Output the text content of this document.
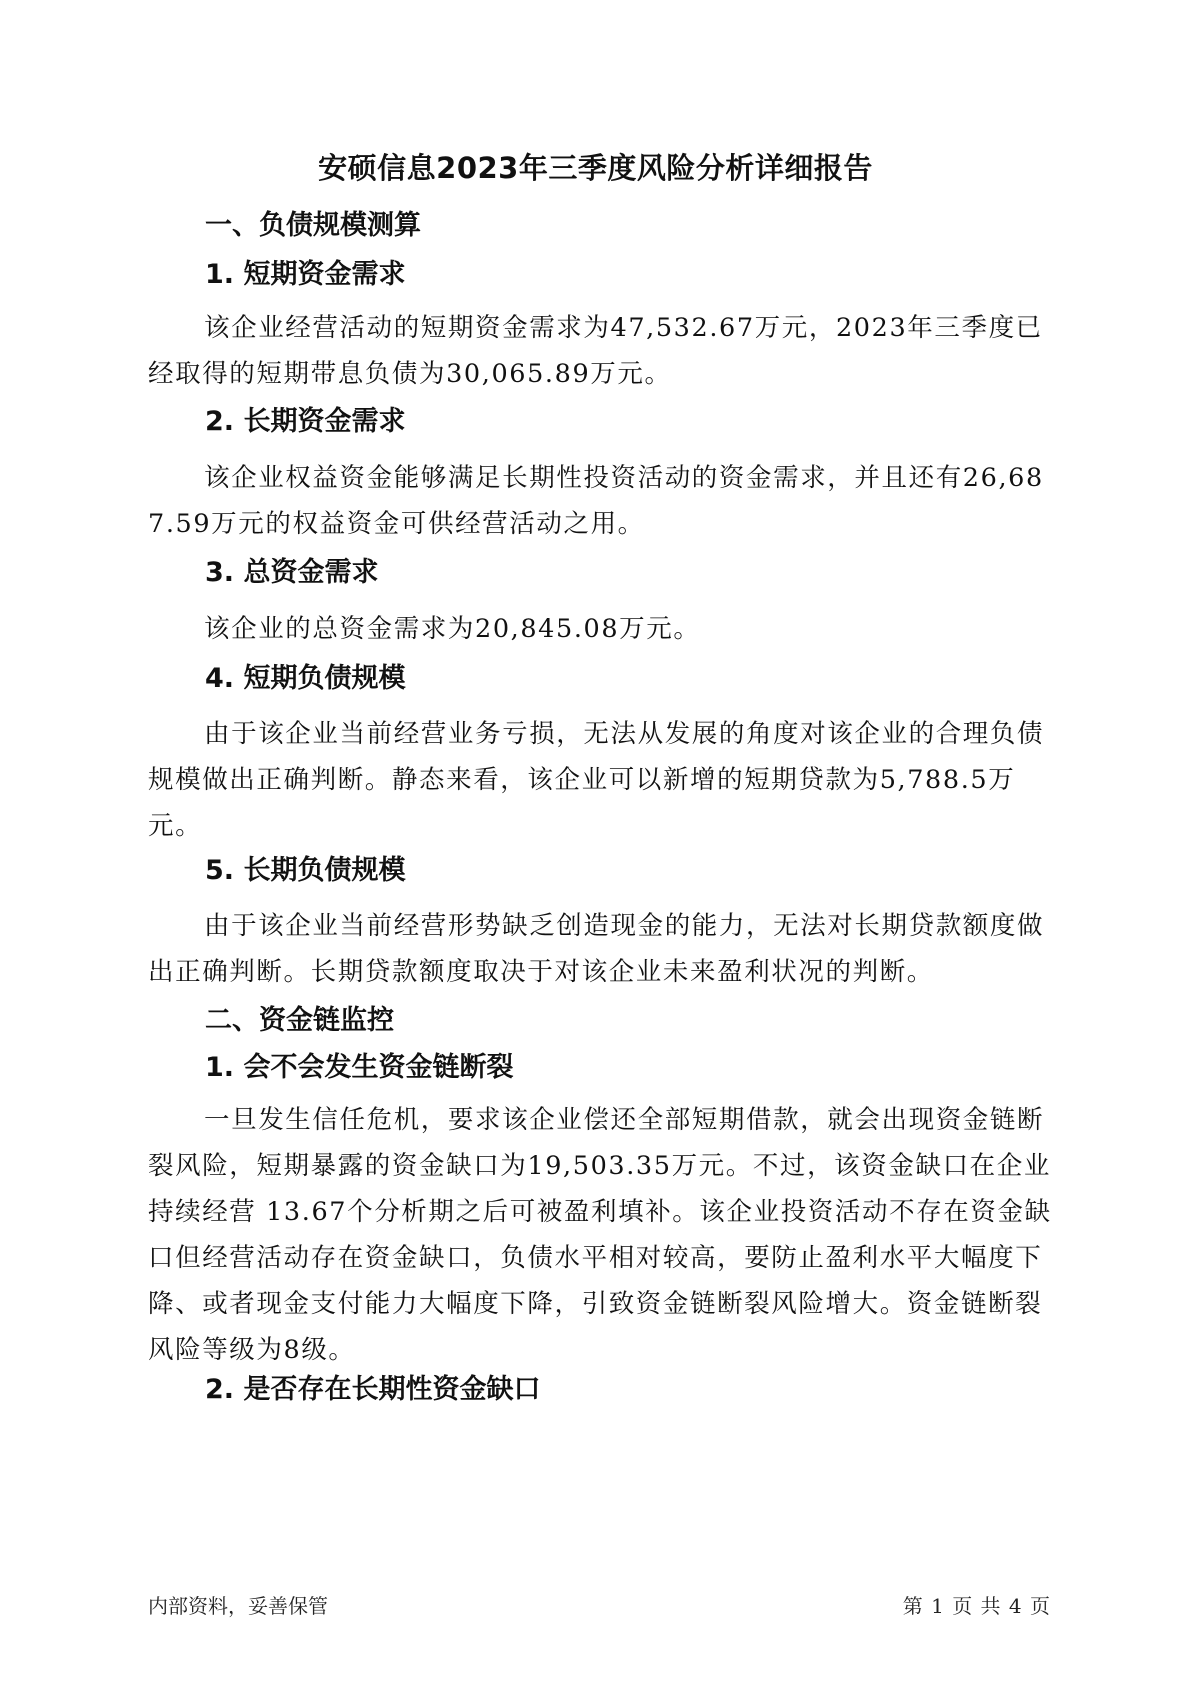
安硕信息2023年三季度风险分析详细报告
一、负债规模测算
1. 短期资金需求
该企业经营活动的短期资金需求为47,532.67万元，2023年三季度已经取得的短期带息负债为30,065.89万元。
2. 长期资金需求
该企业权益资金能够满足长期性投资活动的资金需求，并且还有26,687.59万元的权益资金可供经营活动之用。
3. 总资金需求
该企业的总资金需求为20,845.08万元。
4. 短期负债规模
由于该企业当前经营业务亏损，无法从发展的角度对该企业的合理负债规模做出正确判断。静态来看，该企业可以新增的短期贷款为5,788.5万元。
5. 长期负债规模
由于该企业当前经营形势缺乏创造现金的能力，无法对长期贷款额度做出正确判断。长期贷款额度取决于对该企业未来盈利状况的判断。
二、资金链监控
1. 会不会发生资金链断裂
一旦发生信任危机，要求该企业偿还全部短期借款，就会出现资金链断裂风险，短期暴露的资金缺口为19,503.35万元。不过，该资金缺口在企业持续经营 13.67个分析期之后可被盈利填补。该企业投资活动不存在资金缺口但经营活动存在资金缺口，负债水平相对较高，要防止盈利水平大幅度下降、或者现金支付能力大幅度下降，引致资金链断裂风险增大。资金链断裂风险等级为8级。
2. 是否存在长期性资金缺口
内部资料，妥善保管	第 1 页 共 4 页
